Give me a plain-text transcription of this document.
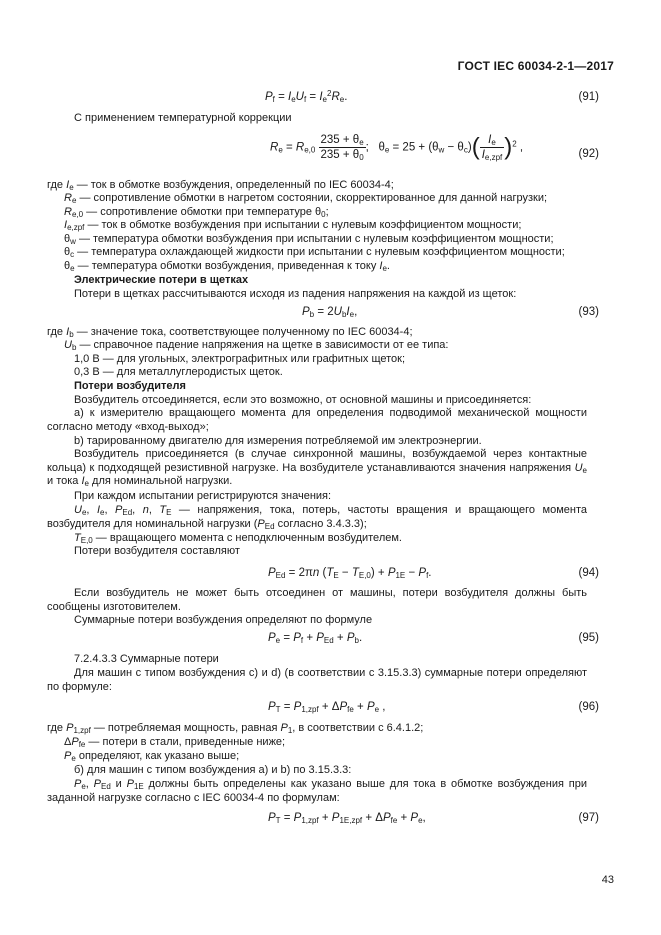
ГОСТ IEC 60034-2-1—2017
$P_f = I_eU_f = I_e^2R_e$.	(91)
С применением температурной коррекции
$R_e = R_{e,0} \frac{235 + \theta_e}{235 + \theta_0}$ ;   $\theta_e = 25 + (\theta_w - \theta_c)( \frac{I_e}{I_{e,zpf}} )^2$ ,
(92)
где $I_e$ — ток в обмотке возбуждения, определенный по IEC 60034-4;
$R_e$ — сопротивление обмотки в нагретом состоянии, скорректированное для данной нагрузки;
$R_{e,0}$ — сопротивление обмотки при температуре $\theta_0$;
$I_{e,zpf}$ — ток в обмотке возбуждения при испытании с нулевым коэффициентом мощности;
$\theta_w$ — температура обмотки возбуждения при испытании с нулевым коэффициентом мощности;
$\theta_c$ — температура охлаждающей жидкости при испытании с нулевым коэффициентом мощности;
$\theta_e$ — температура обмотки возбуждения, приведенная к току $I_e$.
Электрические потери в щетках
Потери в щетках рассчитываются исходя из падения напряжения на каждой из щеток:
$P_b = 2U_bI_e$,	(93)
где $I_b$ — значение тока, соответствующее полученному по IEC 60034-4;
$U_b$ — справочное падение напряжения на щетке в зависимости от ее типа:
1,0 В — для угольных, электрографитных или графитных щеток;
0,3 В — для металлуглеродистых щеток.
Потери возбудителя
Возбудитель отсоединяется, если это возможно, от основной машины и присоединяется:
а) к измерителю вращающего момента для определения подводимой механической мощности согласно методу «вход-выход»;
b) тарированному двигателю для измерения потребляемой им электроэнергии.
Возбудитель присоединяется (в случае синхронной машины, возбуждаемой через контактные кольца) к подходящей резистивной нагрузке. На возбудителе устанавливаются значения напряжения $U_e$ и тока $I_e$ для номинальной нагрузки.
При каждом испытании регистрируются значения:
$U_e$, $I_e$, $P_{Ed}$, n, $T_E$ — напряжения, тока, потерь, частоты вращения и вращающего момента возбудителя для номинальной нагрузки ($P_{Ed}$ согласно 3.4.3.3);
$T_{E,0}$ — вращающего момента с неподключенным возбудителем.
Потери возбудителя составляют
$P_{Ed} = 2\pi n$ $(T_E - T_{E,0}) + P_{1E} - P_f$.	(94)
Если возбудитель не может быть отсоединен от машины, потери возбудителя должны быть сообщены изготовителем.
Суммарные потери возбуждения определяют по формуле
$P_e = P_f + P_{Ed} + P_b$.	(95)
7.2.4.3.3 Суммарные потери
Для машин с типом возбуждения с) и d) (в соответствии с 3.15.3.3) суммарные потери определяют по формуле:
$P_T = P_{1,zpf} + \Delta P_{fe} + P_e$ ,	(96)
где $P_{1,zpf}$ — потребляемая мощность, равная $P_1$, в соответствии с 6.4.1.2;
$\Delta P_{fe}$ — потери в стали, приведенные ниже;
$P_e$ определяют, как указано выше;
б) для машин с типом возбуждения а) и b) по 3.15.3.3:
$P_e$, $P_{Ed}$ и $P_{1E}$ должны быть определены как указано выше для тока в обмотке возбуждения при заданной нагрузке согласно с IEC 60034-4 по формулам:
$P_T = P_{1,zpf} + P_{1E,zpf} + \Delta P_{fe} + P_e$,	(97)
43
